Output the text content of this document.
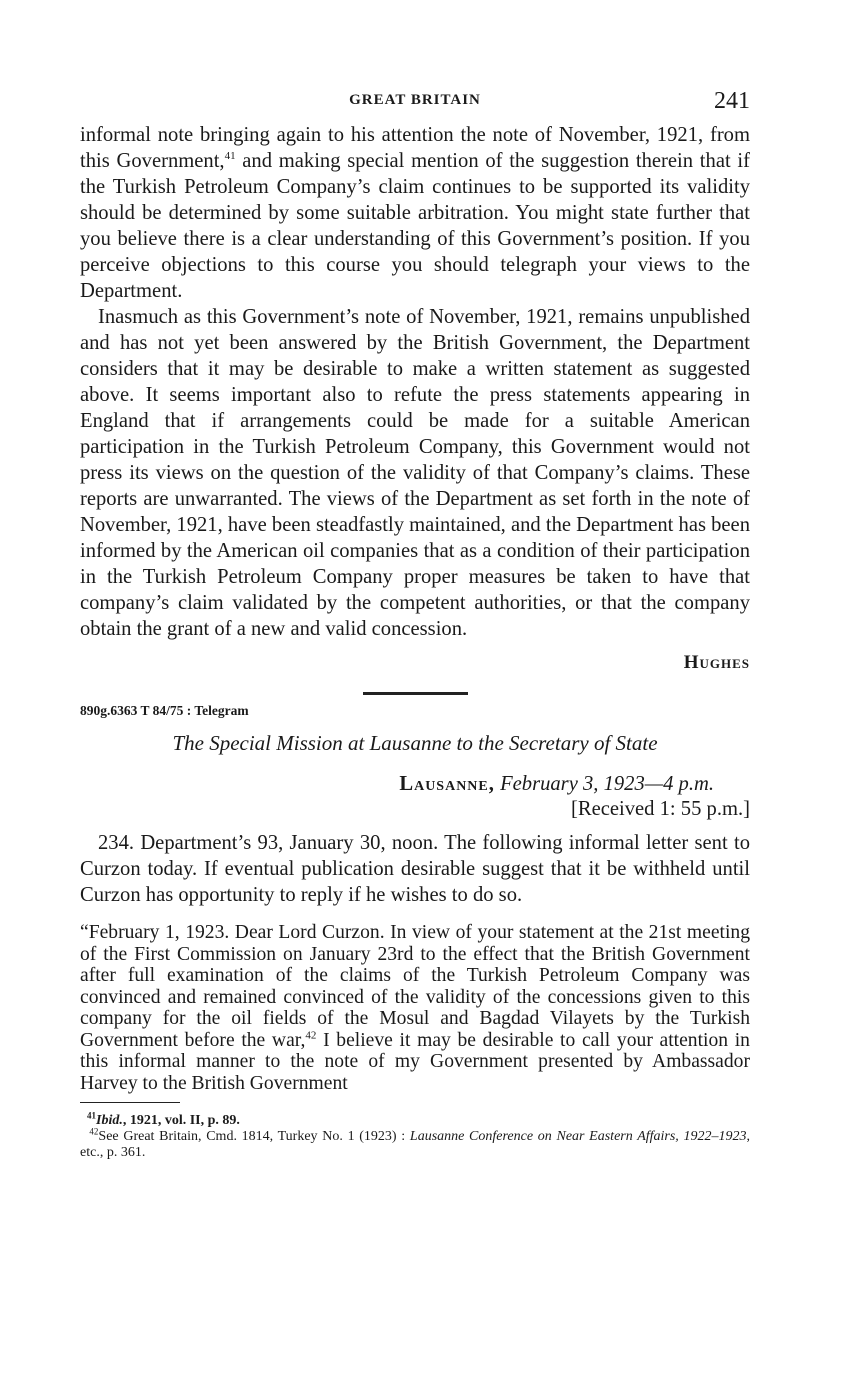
GREAT BRITAIN	241

informal note bringing again to his attention the note of November, 1921, from this Government,$^{41}$ and making special mention of the suggestion therein that if the Turkish Petroleum Company’s claim continues to be supported its validity should be determined by some suitable arbitration. You might state further that you believe there is a clear understanding of this Government’s position. If you perceive objections to this course you should telegraph your views to the Department.

Inasmuch as this Government’s note of November, 1921, remains unpublished and has not yet been answered by the British Government, the Department considers that it may be desirable to make a written statement as suggested above. It seems important also to refute the press statements appearing in England that if arrangements could be made for a suitable American participation in the Turkish Petroleum Company, this Government would not press its views on the question of the validity of that Company’s claims. These reports are unwarranted. The views of the Department as set forth in the note of November, 1921, have been steadfastly maintained, and the Department has been informed by the American oil companies that as a condition of their participation in the Turkish Petroleum Company proper measures be taken to have that company’s claim validated by the competent authorities, or that the company obtain the grant of a new and valid concession.

Hughes
890g.6363 T 84/75 : Telegram
The Special Mission at Lausanne to the Secretary of State
Lausanne, February 3, 1923—4 p.m.
[Received 1: 55 p.m.]

234. Department’s 93, January 30, noon. The following informal letter sent to Curzon today. If eventual publication desirable suggest that it be withheld until Curzon has opportunity to reply if he wishes to do so.

“February 1, 1923. Dear Lord Curzon. In view of your statement at the 21st meeting of the First Commission on January 23rd to the effect that the British Government after full examination of the claims of the Turkish Petroleum Company was convinced and remained convinced of the validity of the concessions given to this company for the oil fields of the Mosul and Bagdad Vilayets by the Turkish Government before the war,$^{42}$ I believe it may be desirable to call your attention in this informal manner to the note of my Government presented by Ambassador Harvey to the British Government

$^{41}$Ibid., 1921, vol. II, p. 89.

$^{42}$See Great Britain, Cmd. 1814, Turkey No. 1 (1923) : Lausanne Conference on Near Eastern Affairs, 1922–1923, etc., p. 361.
